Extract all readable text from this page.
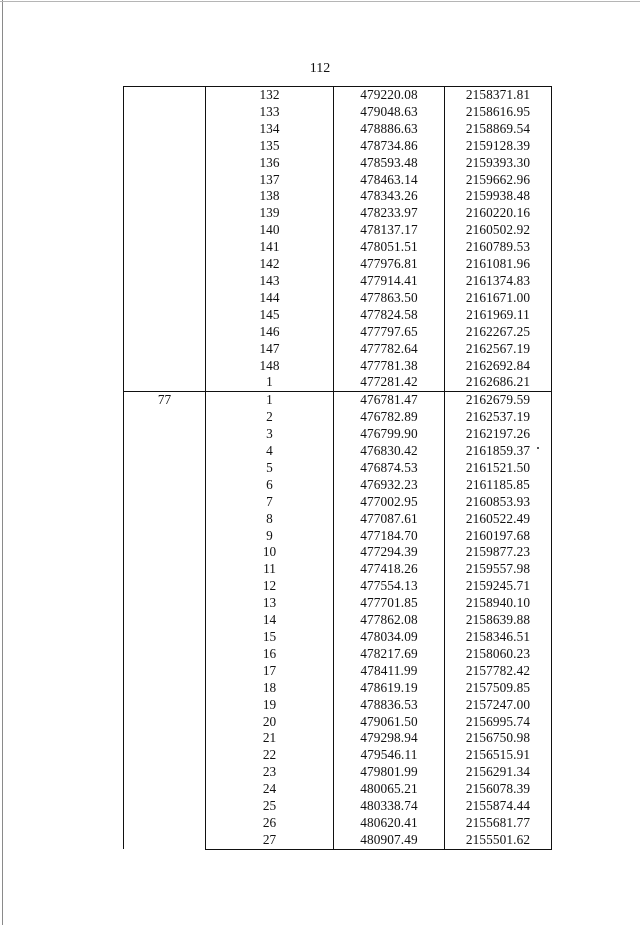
112
	132	479220.08	2158371.81
	133	479048.63	2158616.95
	134	478886.63	2158869.54
	135	478734.86	2159128.39
	136	478593.48	2159393.30
	137	478463.14	2159662.96
	138	478343.26	2159938.48
	139	478233.97	2160220.16
	140	478137.17	2160502.92
	141	478051.51	2160789.53
	142	477976.81	2161081.96
	143	477914.41	2161374.83
	144	477863.50	2161671.00
	145	477824.58	2161969.11
	146	477797.65	2162267.25
	147	477782.64	2162567.19
	148	477781.38	2162692.84
	1	477281.42	2162686.21
77	1	476781.47	2162679.59
	2	476782.89	2162537.19
	3	476799.90	2162197.26
	4	476830.42	2161859.37
	5	476874.53	2161521.50
	6	476932.23	2161185.85
	7	477002.95	2160853.93
	8	477087.61	2160522.49
	9	477184.70	2160197.68
	10	477294.39	2159877.23
	11	477418.26	2159557.98
	12	477554.13	2159245.71
	13	477701.85	2158940.10
	14	477862.08	2158639.88
	15	478034.09	2158346.51
	16	478217.69	2158060.23
	17	478411.99	2157782.42
	18	478619.19	2157509.85
	19	478836.53	2157247.00
	20	479061.50	2156995.74
	21	479298.94	2156750.98
	22	479546.11	2156515.91
	23	479801.99	2156291.34
	24	480065.21	2156078.39
	25	480338.74	2155874.44
	26	480620.41	2155681.77
	27	480907.49	2155501.62
